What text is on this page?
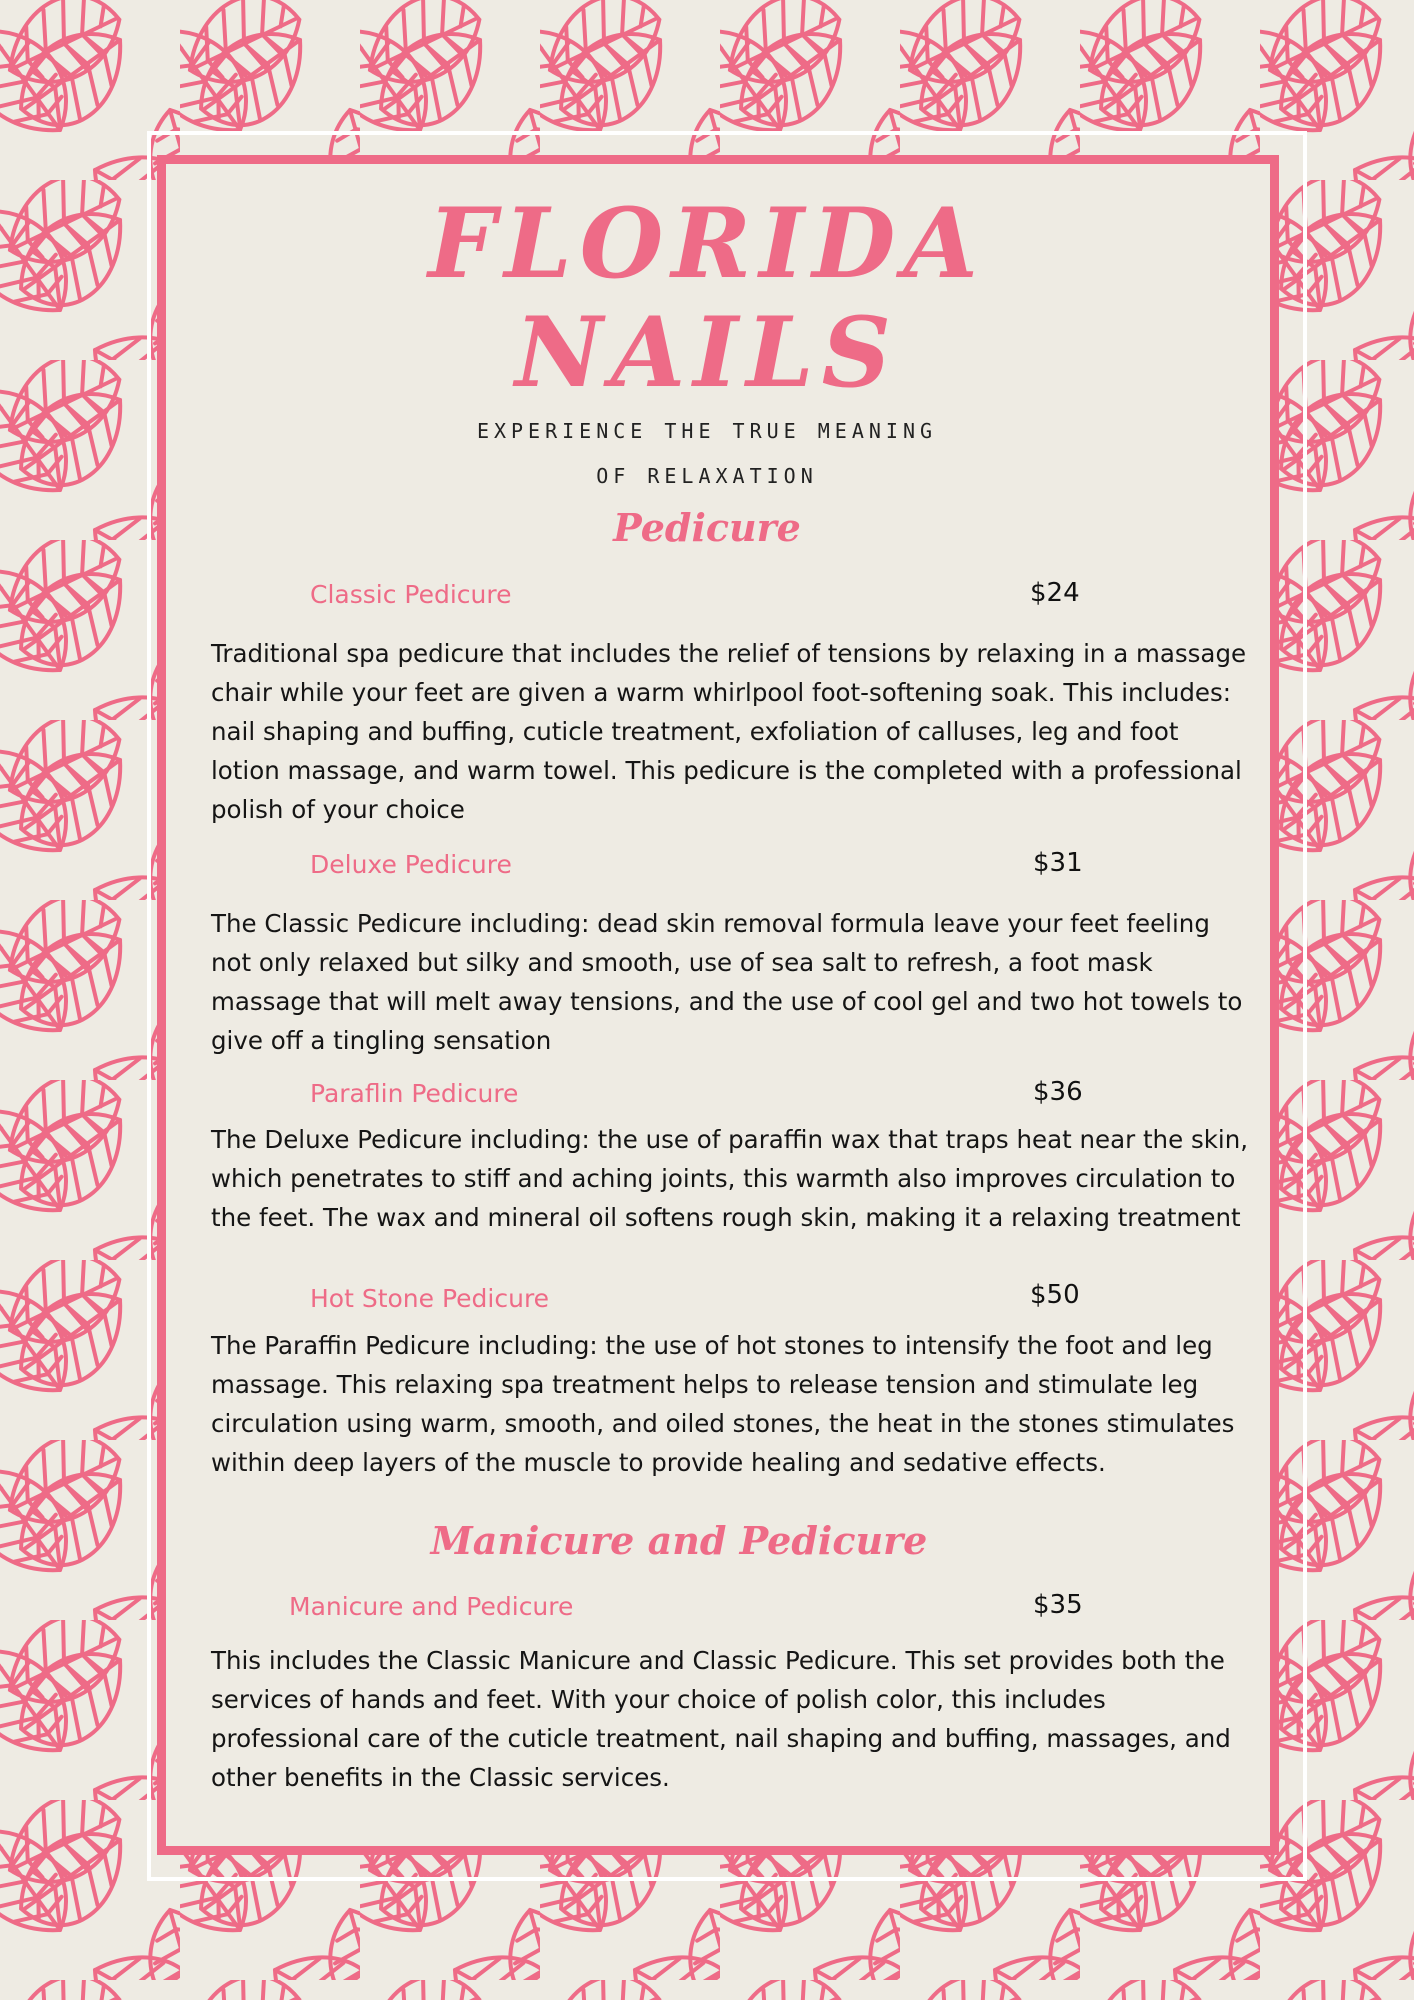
FLORIDA
NAILS
EXPERIENCE THE TRUE MEANING
OF RELAXATION
Pedicure
Classic Pedicure	$24
Traditional spa pedicure that includes the relief of tensions by relaxing in a massage chair while your feet are given a warm whirlpool foot-softening soak. This includes: nail shaping and buffing, cuticle treatment, exfoliation of calluses, leg and foot lotion massage, and warm towel. This pedicure is the completed with a professional polish of your choice
Deluxe Pedicure	$31
The Classic Pedicure including: dead skin removal formula leave your feet feeling not only relaxed but silky and smooth, use of sea salt to refresh, a foot mask massage that will melt away tensions, and the use of cool gel and two hot towels to give off a tingling sensation
Paraflin Pedicure	$36
The Deluxe Pedicure including: the use of paraffin wax that traps heat near the skin, which penetrates to stiff and aching joints, this warmth also improves circulation to the feet. The wax and mineral oil softens rough skin, making it a relaxing treatment
Hot Stone Pedicure	$50
The Paraffin Pedicure including: the use of hot stones to intensify the foot and leg massage. This relaxing spa treatment helps to release tension and stimulate leg circulation using warm, smooth, and oiled stones, the heat in the stones stimulates within deep layers of the muscle to provide healing and sedative effects.
Manicure and Pedicure
Manicure and Pedicure	$35
This includes the Classic Manicure and Classic Pedicure. This set provides both the services of hands and feet. With your choice of polish color, this includes professional care of the cuticle treatment, nail shaping and buffing, massages, and other benefits in the Classic services.
